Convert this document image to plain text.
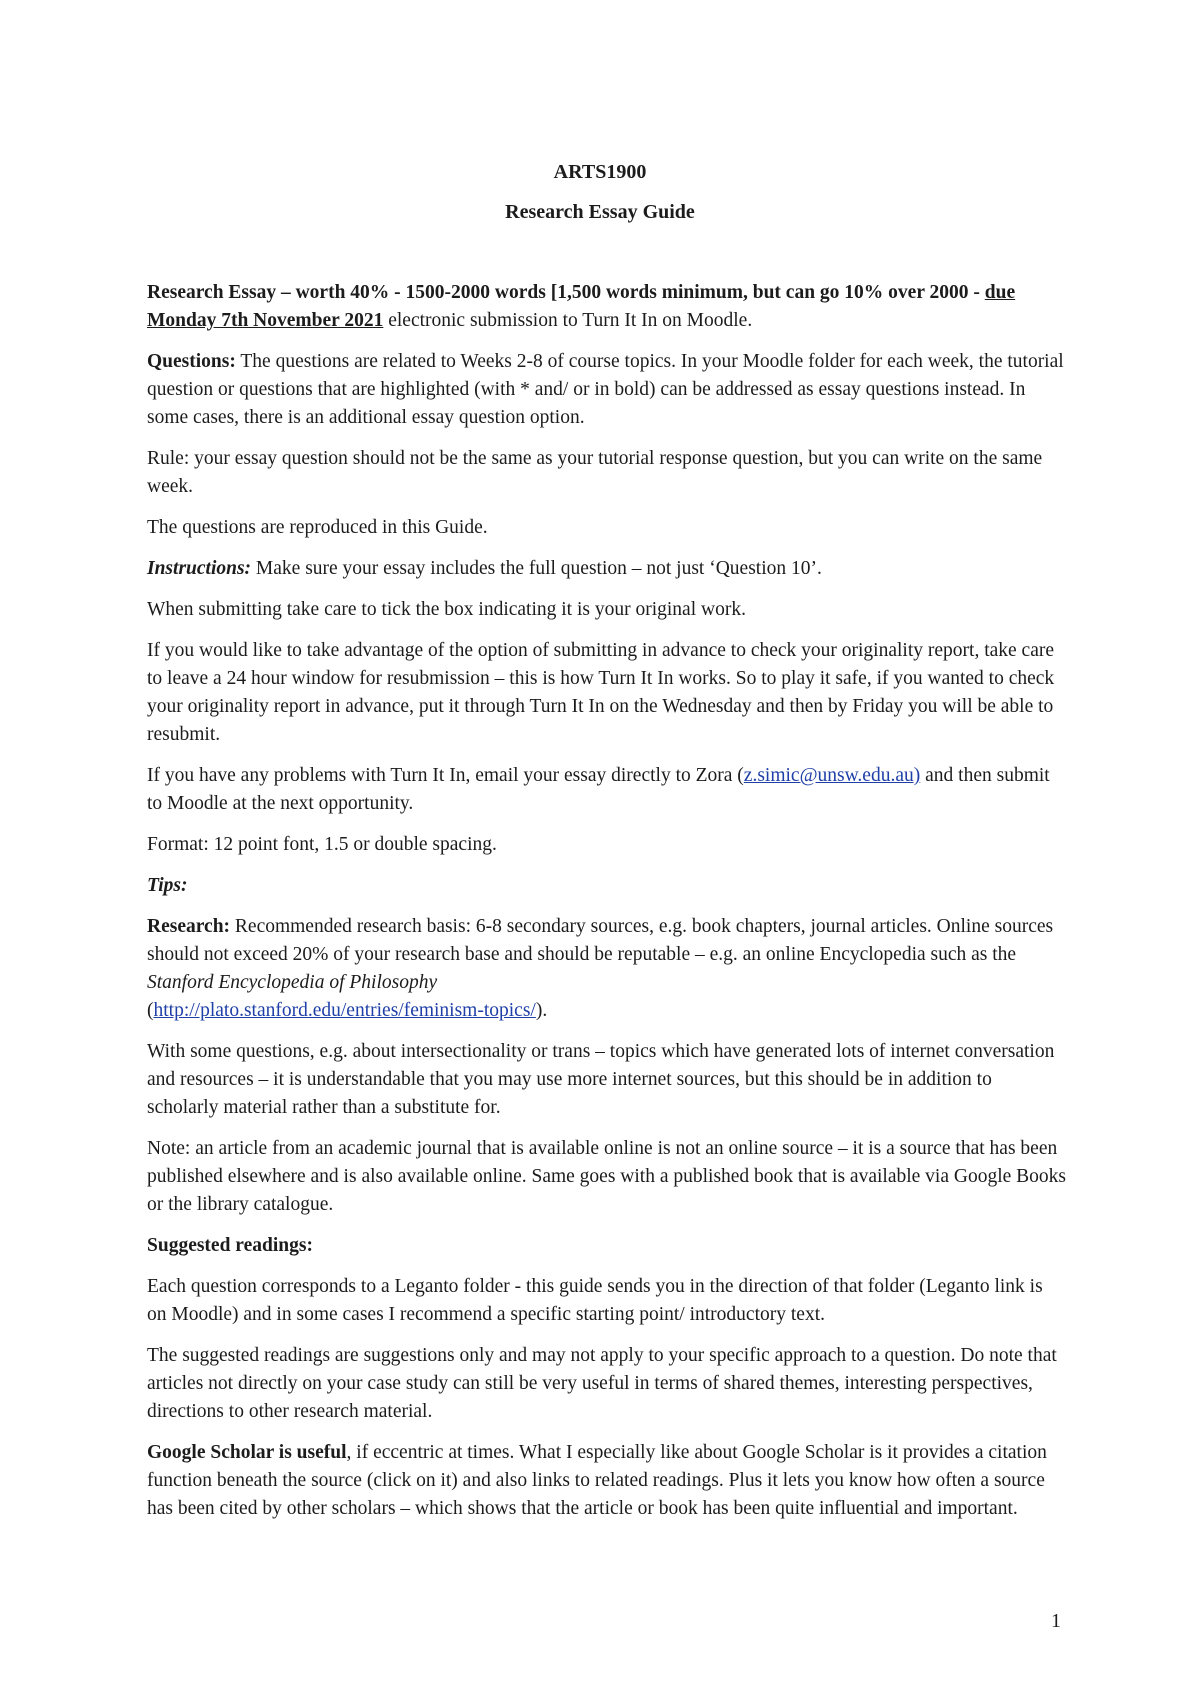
ARTS1900
Research Essay Guide

Research Essay – worth 40% - 1500-2000 words [1,500 words minimum, but can go 10% over 2000 - due Monday 7th November 2021 electronic submission to Turn It In on Moodle.

Questions: The questions are related to Weeks 2-8 of course topics. In your Moodle folder for each week, the tutorial question or questions that are highlighted (with * and/ or in bold) can be addressed as essay questions instead. In some cases, there is an additional essay question option.

Rule: your essay question should not be the same as your tutorial response question, but you can write on the same week.

The questions are reproduced in this Guide.

Instructions: Make sure your essay includes the full question – not just ‘Question 10’.

When submitting take care to tick the box indicating it is your original work.

If you would like to take advantage of the option of submitting in advance to check your originality report, take care to leave a 24 hour window for resubmission – this is how Turn It In works. So to play it safe, if you wanted to check your originality report in advance, put it through Turn It In on the Wednesday and then by Friday you will be able to resubmit.

If you have any problems with Turn It In, email your essay directly to Zora (z.simic@unsw.edu.au) and then submit to Moodle at the next opportunity.

Format: 12 point font, 1.5 or double spacing.

Tips:

Research: Recommended research basis: 6-8 secondary sources, e.g. book chapters, journal articles. Online sources should not exceed 20% of your research base and should be reputable – e.g. an online Encyclopedia such as the Stanford Encyclopedia of Philosophy
(http://plato.stanford.edu/entries/feminism-topics/).

With some questions, e.g. about intersectionality or trans – topics which have generated lots of internet conversation and resources – it is understandable that you may use more internet sources, but this should be in addition to scholarly material rather than a substitute for.

Note: an article from an academic journal that is available online is not an online source – it is a source that has been published elsewhere and is also available online. Same goes with a published book that is available via Google Books or the library catalogue.

Suggested readings:

Each question corresponds to a Leganto folder - this guide sends you in the direction of that folder (Leganto link is on Moodle) and in some cases I recommend a specific starting point/ introductory text.

The suggested readings are suggestions only and may not apply to your specific approach to a question. Do note that articles not directly on your case study can still be very useful in terms of shared themes, interesting perspectives, directions to other research material.

Google Scholar is useful, if eccentric at times. What I especially like about Google Scholar is it provides a citation function beneath the source (click on it) and also links to related readings. Plus it lets you know how often a source has been cited by other scholars – which shows that the article or book has been quite influential and important.

1
